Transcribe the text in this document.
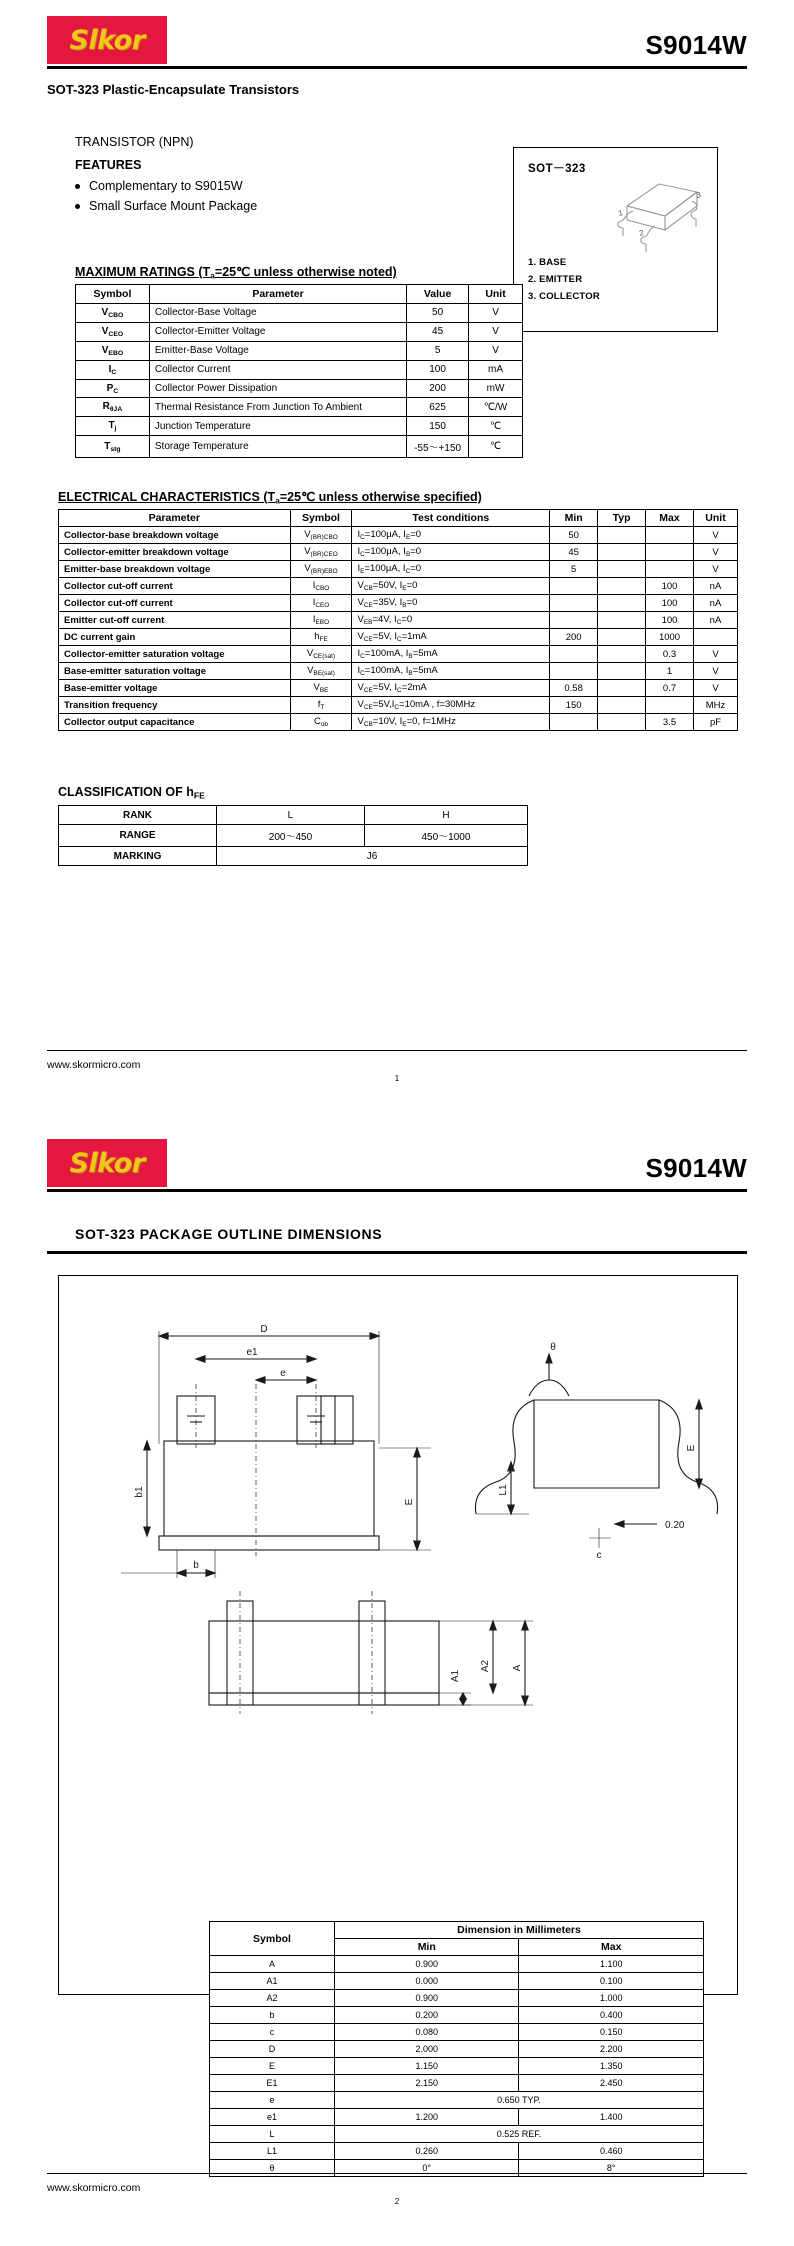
Slkor	S9014W
SOT-323 Plastic-Encapsulate Transistors
TRANSISTOR (NPN)
FEATURES
Complementary to S9015W
Small Surface Mount Package
SOT－323
1
2
3
1. BASE
2. EMITTER
3. COLLECTOR
MAXIMUM RATINGS ($T_a=25℃$ unless otherwise noted)
Symbol	Parameter	Value	Unit
$V_{CBO}$	Collector-Base Voltage	50	V
$V_{CEO}$	Collector-Emitter Voltage	45	V
$V_{EBO}$	Emitter-Base Voltage	5	V
$I_C$	Collector Current	100	mA
$P_C$	Collector Power Dissipation	200	mW
$R_{\theta JA}$	Thermal Resistance From Junction To Ambient	625	℃/W
$T_j$	Junction Temperature	150	℃
$T_{stg}$	Storage Temperature	-55～+150	℃
ELECTRICAL CHARACTERISTICS ($T_a=25℃$ unless otherwise specified)
Parameter	Symbol	Test conditions	Min	Typ	Max	Unit
Collector-base breakdown voltage	$V_{(BR)CBO}$	$I_C=100\mu A$, $I_E=0$	50			V
Collector-emitter breakdown voltage	$V_{(BR)CEO}$	$I_C=100\mu A$, $I_B=0$	45			V
Emitter-base breakdown voltage	$V_{(BR)EBO}$	$I_E=100\mu A$, $I_C=0$	5			V
Collector cut-off current	$I_{CBO}$	$V_{CB}=50V$, $I_E=0$			100	nA
Collector cut-off current	$I_{CEO}$	$V_{CE}=35V$, $I_B=0$			100	nA
Emitter cut-off current	$I_{EBO}$	$V_{EB}=4V$, $I_C=0$			100	nA
DC current gain	$h_{FE}$	$V_{CE}=5V$, $I_C=1mA$	200		1000	
Collector-emitter saturation voltage	$V_{CE(sat)}$	$I_C=100mA$, $I_B=5mA$			0.3	V
Base-emitter saturation voltage	$V_{BE(sat)}$	$I_C=100mA$, $I_B=5mA$			1	V
Base-emitter voltage	$V_{BE}$	$V_{CE}=5V$, $I_C=2mA$	0.58		0.7	V
Transition frequency	$f_T$	$V_{CE}=5V,I_C=10mA$ , f=30MHz	150			MHz
Collector output capacitance	$C_{ob}$	$V_{CB}=10V$, $I_E=0$, f=1MHz			3.5	pF
CLASSIFICATION OF $h_{FE}$
RANK	L	H
RANGE	200～450	450～1000
MARKING	J6	
www.skormicro.com
1
Slkor	S9014W
SOT-323 PACKAGE OUTLINE DIMENSIONS
D
e1
e
b
b1
E
E
L1
θ
0.20
c
A1
A2 A
Symbol	Dimension in Millimeters	
	Min	Max
A	0.900	1.100
A1	0.000	0.100
A2	0.900	1.000
b	0.200	0.400
c	0.080	0.150
D	2.000	2.200
E	1.150	1.350
E1	2.150	2.450
e	0.650 TYP.	
e1	1.200	1.400
L	0.525 REF.	
L1	0.260	0.460
θ	0°	8°
www.skormicro.com
2
